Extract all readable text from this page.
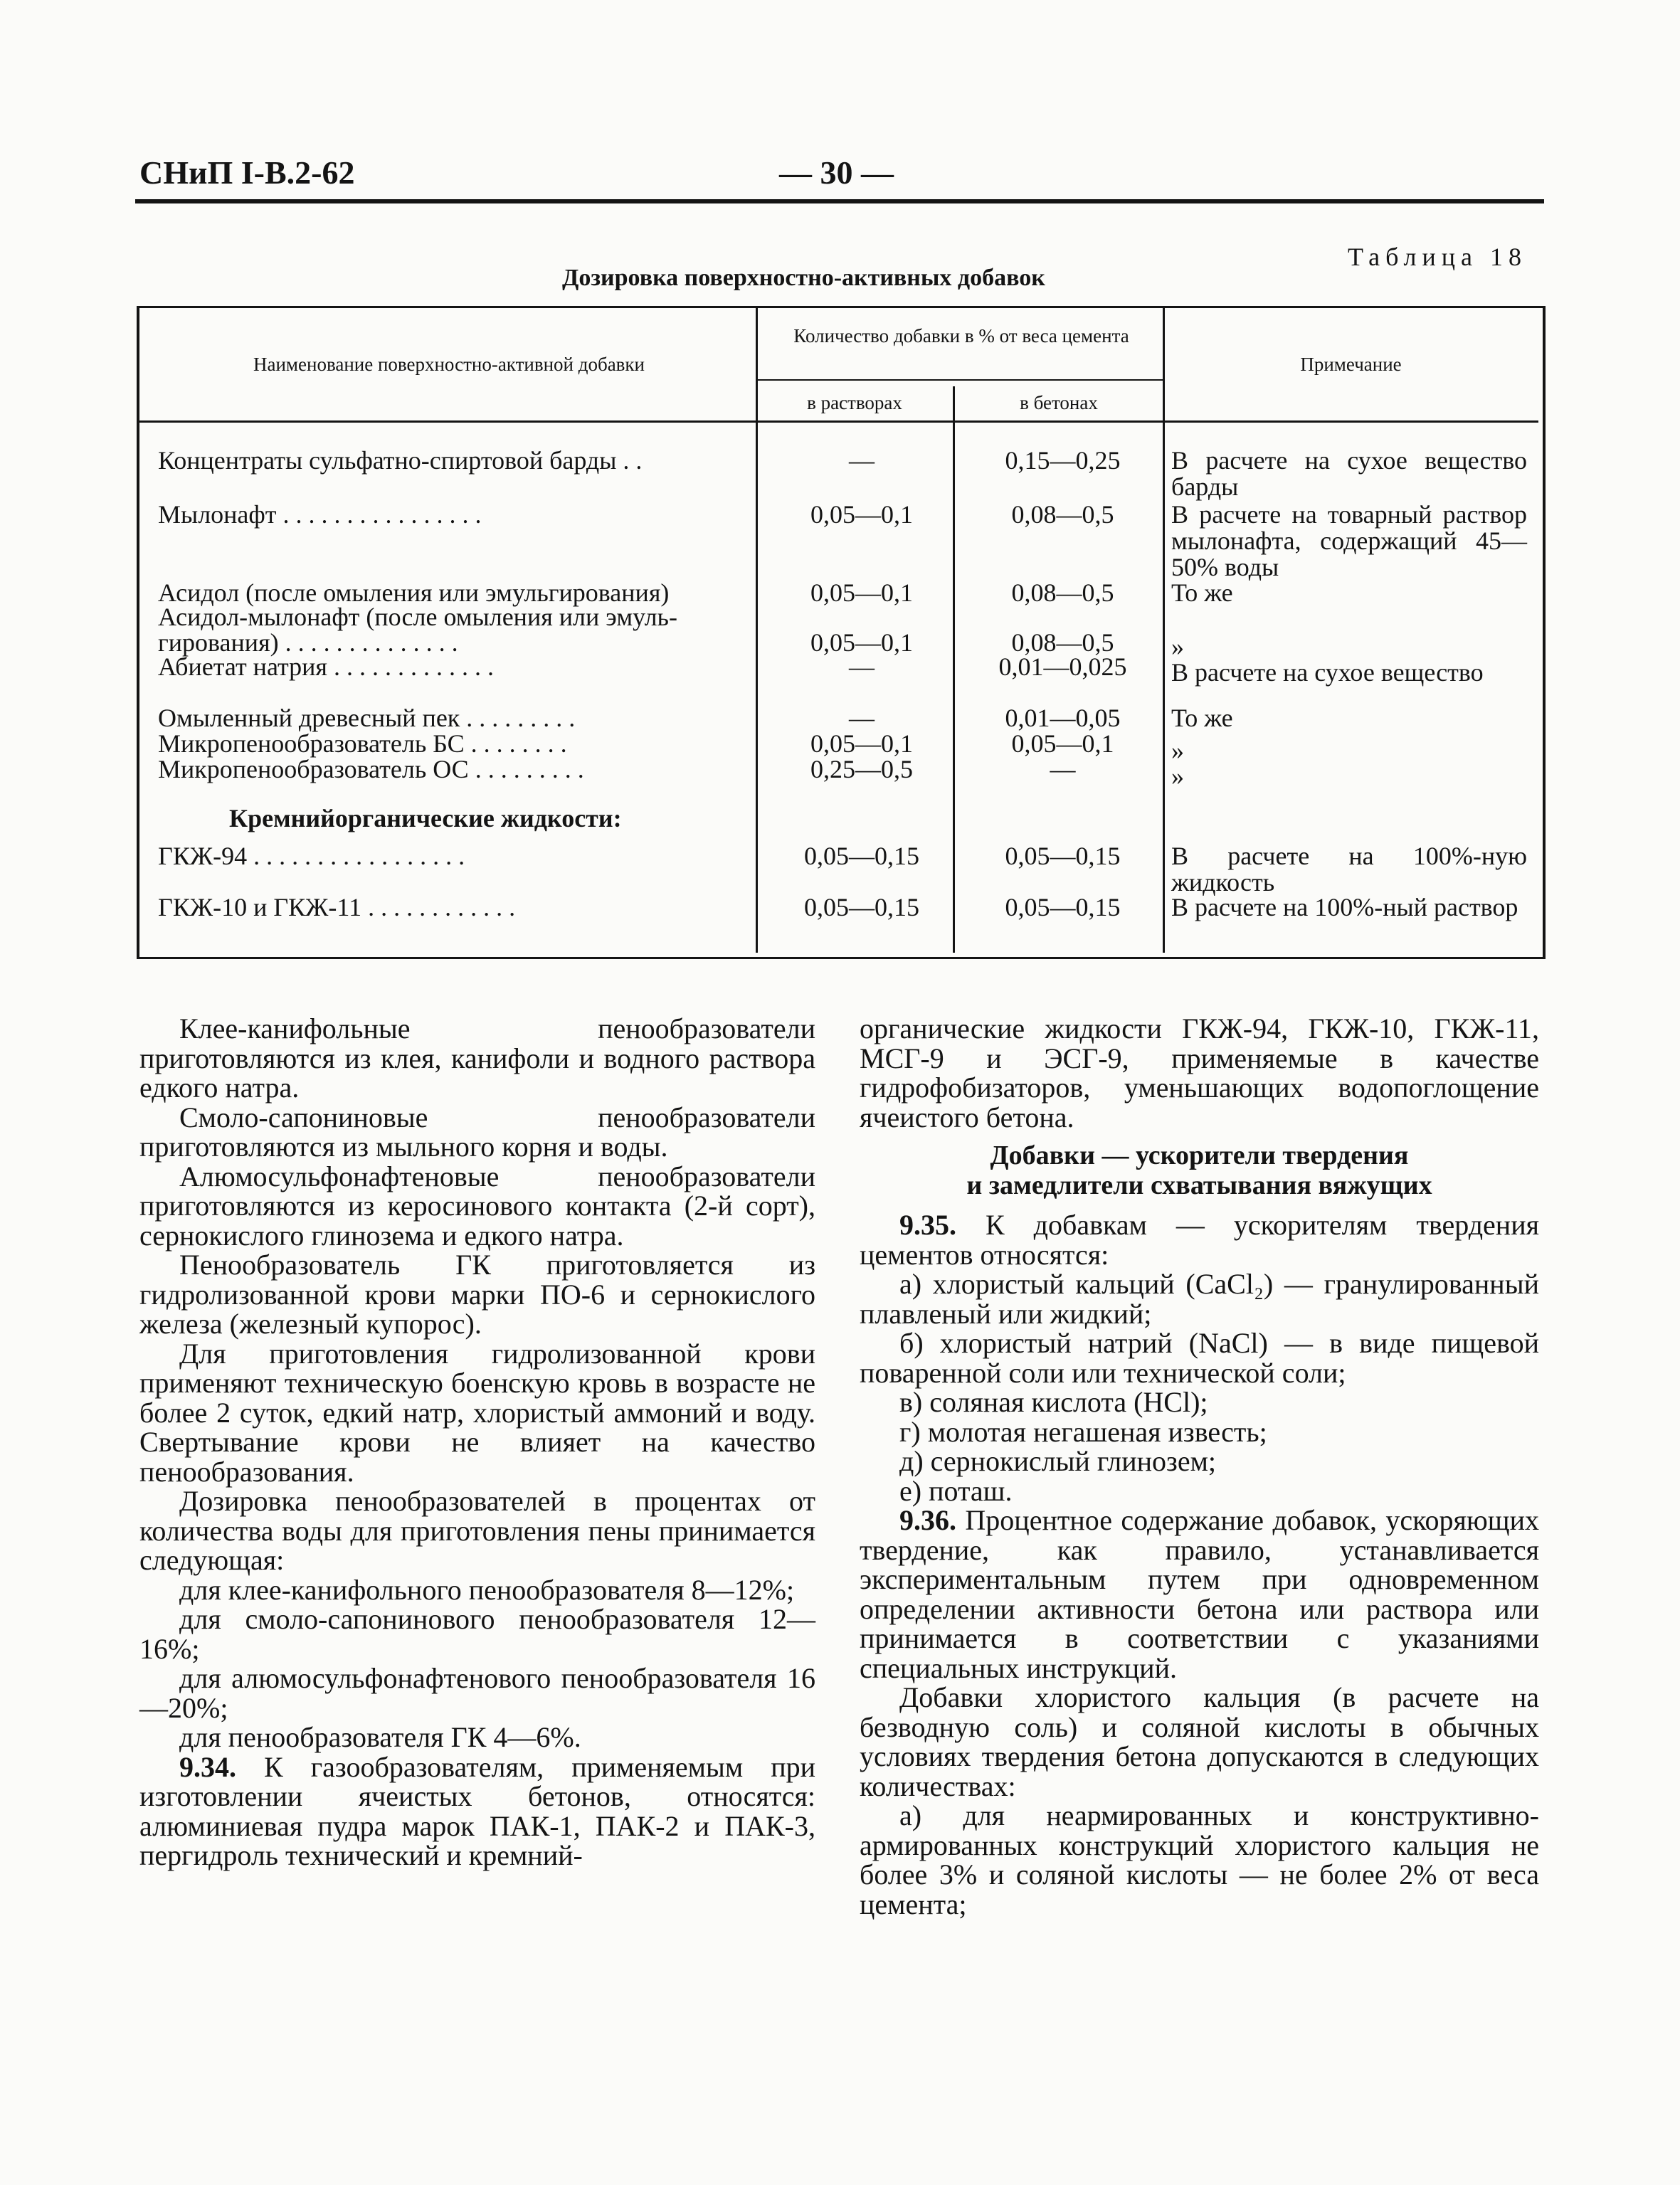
СНиП I-В.2-62	— 30 —
Таблица 18
Дозировка поверхностно-активных добавок
Наименование поверхностно-активной добавки
Количество добавки в % от веса цемента
в растворах	в бетонах
Примечание
Концентраты сульфатно-спиртовой барды . .	—	0,15—0,25	В расчете на сухое вещество барды
Мылонафт . . . . . . . . . . . . . . . .	0,05—0,1	0,08—0,5	В расчете на товарный раствор мылонафта, содержащий 45—50% воды
Асидол (после омыления или эмульгирования)	0,05—0,1	0,08—0,5	То же
Асидол-мылонафт (после омыления или эмуль-
гирования) . . . . . . . . . . . . . .	0,05—0,1	0,08—0,5	»
Абиетат натрия . . . . . . . . . . . . .	—	0,01—0,025	В расчете на сухое вещество
Омыленный древесный пек . . . . . . . . .	—	0,01—0,05	То же
Микропенообразователь БС . . . . . . . .	0,05—0,1	0,05—0,1	»
Микропенообразователь ОС . . . . . . . . .	0,25—0,5	—	»
Кремнийорганические жидкости:
ГКЖ-94 . . . . . . . . . . . . . . . . .	0,05—0,15	0,05—0,15	В расчете на 100%-ную жидкость
ГКЖ-10 и ГКЖ-11 . . . . . . . . . . . .	0,05—0,15	0,05—0,15	В расчете на 100%-ный раствор

Клее-канифольные пенообразователи приготовляются из клея, канифоли и водного раствора едкого натра.

Смоло-сапониновые пенообразователи приготовляются из мыльного корня и воды.

Алюмосульфонафтеновые пенообразователи приготовляются из керосинового контакта (2-й сорт), сернокислого глинозема и едкого натра.

Пенообразователь ГК приготовляется из гидролизованной крови марки ПО-6 и сернокислого железа (железный купорос).

Для приготовления гидролизованной крови применяют техническую боенскую кровь в возрасте не более 2 суток, едкий натр, хлористый аммоний и воду. Свертывание крови не влияет на качество пенообразования.

Дозировка пенообразователей в процентах от количества воды для приготовления пены принимается следующая:

для клее-канифольного пенообразователя 8—12%;

для смоло-сапонинового пенообразователя 12—16%;

для алюмосульфонафтенового пенообразователя 16—20%;

для пенообразователя ГК 4—6%.

9.34. К газообразователям, применяемым при изготовлении ячеистых бетонов, относятся: алюминиевая пудра марок ПАК-1, ПАК-2 и ПАК-3, пергидроль технический и кремний-

органические жидкости ГКЖ-94, ГКЖ-10, ГКЖ-11, МСГ-9 и ЭСГ-9, применяемые в качестве гидрофобизаторов, уменьшающих водопоглощение ячеистого бетона.

Добавки — ускорители твердения
и замедлители схватывания вяжущих

9.35. К добавкам — ускорителям твердения цементов относятся:

а) хлористый кальций (CaCl₂) — гранулированный плавленый или жидкий;

б) хлористый натрий (NaCl) — в виде пищевой поваренной соли или технической соли;

в) соляная кислота (HCl);

г) молотая негашеная известь;

д) сернокислый глинозем;

е) поташ.

9.36. Процентное содержание добавок, ускоряющих твердение, как правило, устанавливается экспериментальным путем при одновременном определении активности бетона или раствора или принимается в соответствии с указаниями специальных инструкций.

Добавки хлористого кальция (в расчете на безводную соль) и соляной кислоты в обычных условиях твердения бетона допускаются в следующих количествах:

а) для неармированных и конструктивно-армированных конструкций хлористого кальция не более 3% и соляной кислоты — не более 2% от веса цемента;
